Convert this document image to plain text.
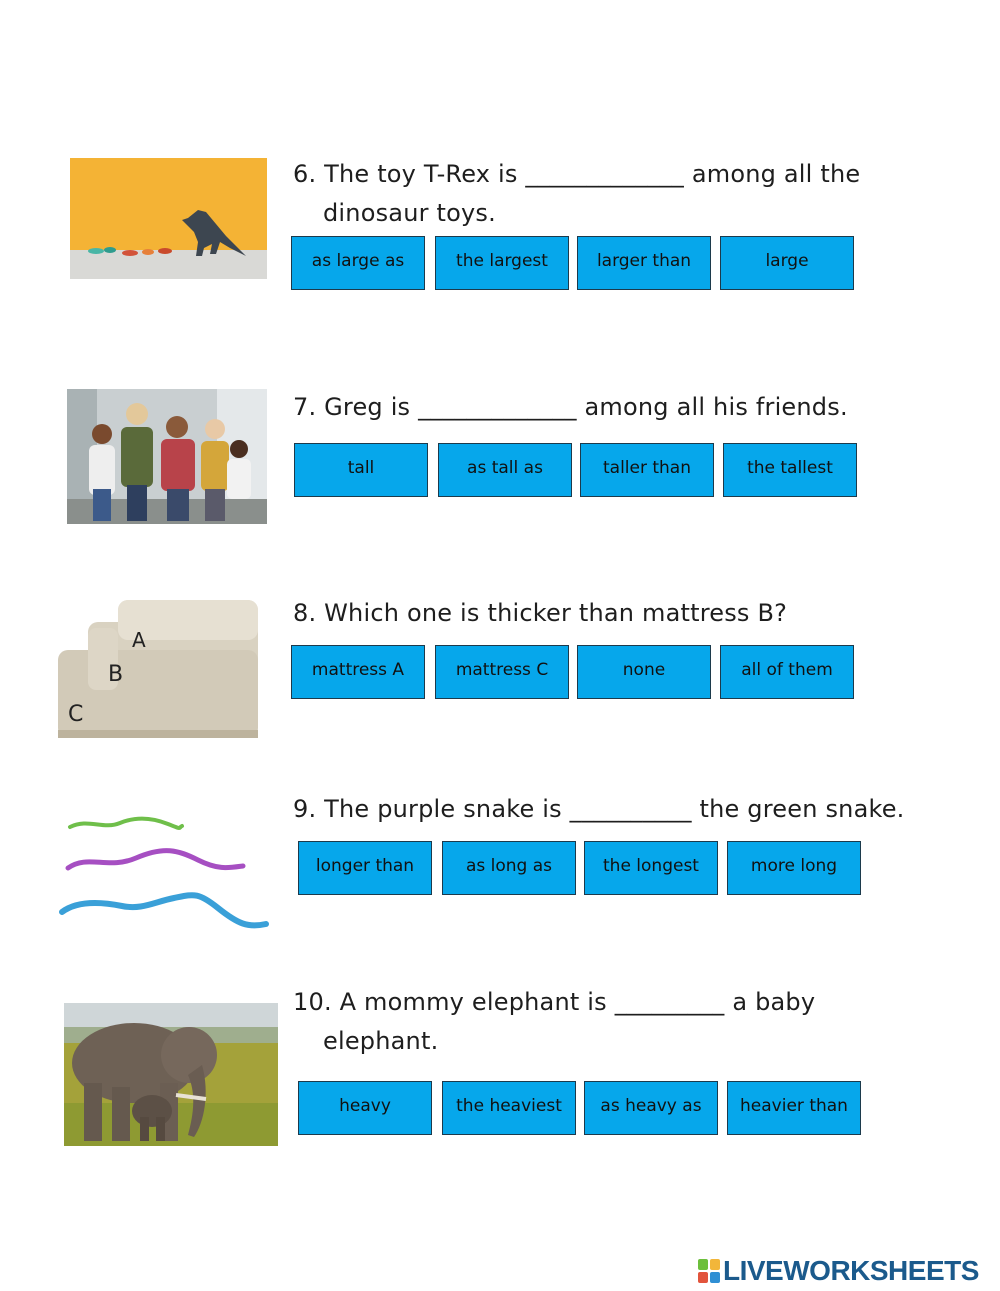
6. The toy T-Rex is _____________ among all the
dinosaur toys.

as large as	the largest	larger than	large

7. Greg is _____________ among all his friends.

tall	as tall as	taller than	the tallest
A
B
C

8. Which one is thicker than mattress B?

mattress A	mattress C	none	all of them

9. The purple snake is __________ the green snake.

longer than	as long as	the longest	more long

10. A mommy elephant is _________ a baby
elephant.

heavy	the heaviest	as heavy as	heavier than
LIVEWORKSHEETS
